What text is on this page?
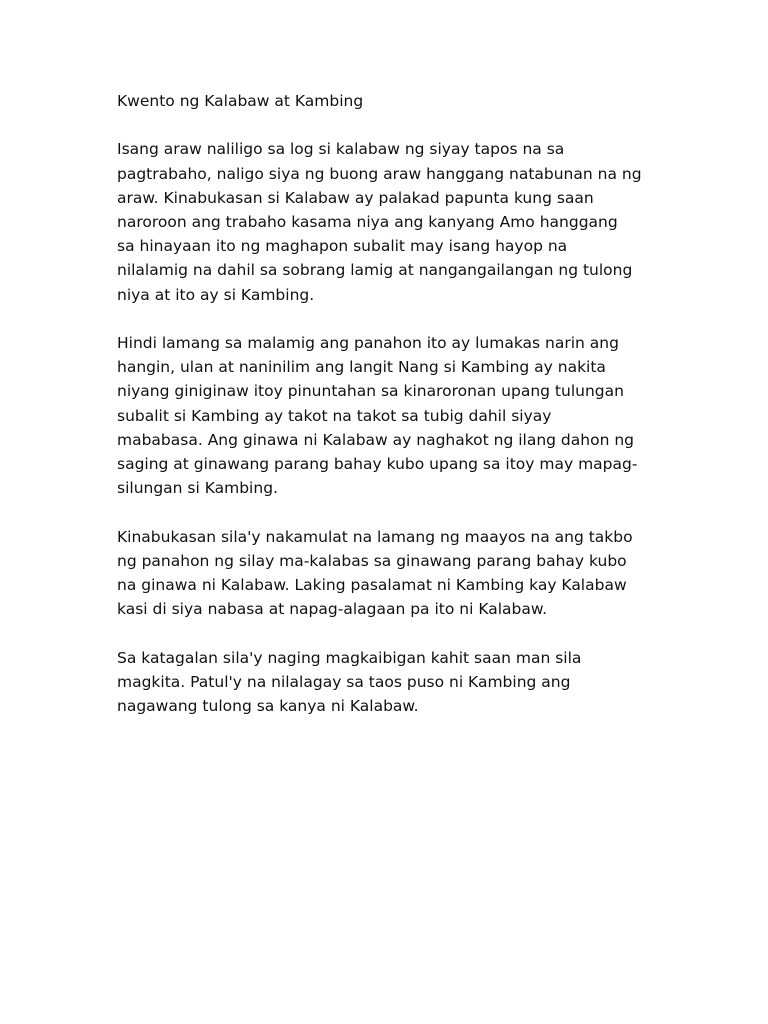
Kwento ng Kalabaw at Kambing
Isang araw naliligo sa log si kalabaw ng siyay tapos na sa
pagtrabaho, naligo siya ng buong araw hanggang natabunan na ng
araw. Kinabukasan si Kalabaw ay palakad papunta kung saan
naroroon ang trabaho kasama niya ang kanyang Amo hanggang
sa hinayaan ito ng maghapon subalit may isang hayop na
nilalamig na dahil sa sobrang lamig at nangangailangan ng tulong
niya at ito ay si Kambing.
Hindi lamang sa malamig ang panahon ito ay lumakas narin ang
hangin, ulan at naninilim ang langit Nang si Kambing ay nakita
niyang giniginaw itoy pinuntahan sa kinaroronan upang tulungan
subalit si Kambing ay takot na takot sa tubig dahil siyay
mababasa. Ang ginawa ni Kalabaw ay naghakot ng ilang dahon ng
saging at ginawang parang bahay kubo upang sa itoy may mapag-
silungan si Kambing.
Kinabukasan sila'y nakamulat na lamang ng maayos na ang takbo
ng panahon ng silay ma-kalabas sa ginawang parang bahay kubo
na ginawa ni Kalabaw. Laking pasalamat ni Kambing kay Kalabaw
kasi di siya nabasa at napag-alagaan pa ito ni Kalabaw.
Sa katagalan sila'y naging magkaibigan kahit saan man sila
magkita. Patul'y na nilalagay sa taos puso ni Kambing ang
nagawang tulong sa kanya ni Kalabaw.
